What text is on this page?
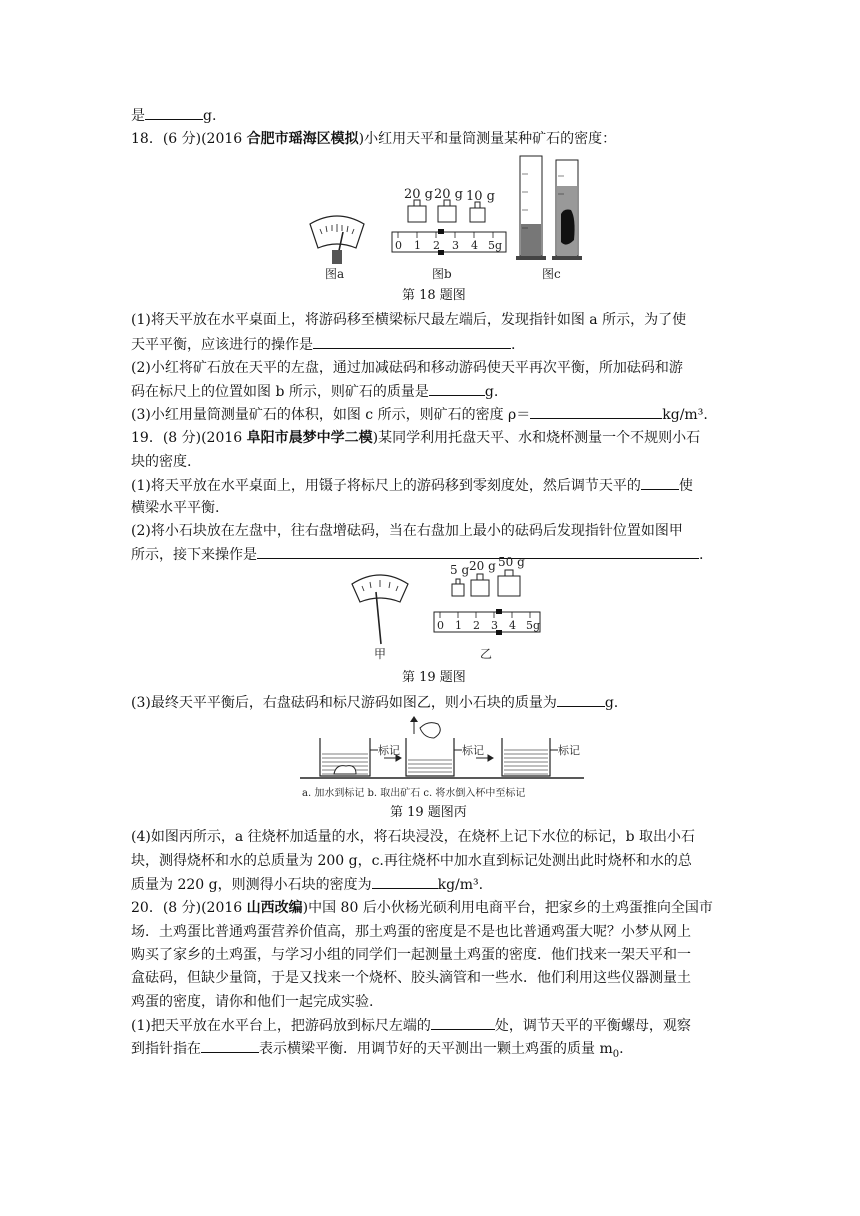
是	g.
18．(6 分)(2016 合肥市瑶海区模拟)小红用天平和量筒测量某种矿石的密度：
20 g 20 g 10 g
0 1 2 3 4 5g
图a	图b	图c
第 18 题图
(1)将天平放在水平桌面上，将游码移至横梁标尺最左端后，发现指针如图 a 所示，为了使
天平平衡，应该进行的操作是	.
(2)小红将矿石放在天平的左盘，通过加减砝码和移动游码使天平再次平衡，所加砝码和游
码在标尺上的位置如图 b 所示，则矿石的质量是	g.
(3)小红用量筒测量矿石的体积，如图 c 所示，则矿石的密度 ρ＝	kg/m³.
19．(8 分)(2016 阜阳市晨梦中学二模)某同学利用托盘天平、水和烧杯测量一个不规则小石
块的密度.
(1)将天平放在水平桌面上，用镊子将标尺上的游码移到零刻度处，然后调节天平的	使
横梁水平平衡.
(2)将小石块放在左盘中，往右盘增砝码，当在右盘加上最小的砝码后发现指针位置如图甲
所示，接下来操作是	.
5 g 20 g 50 g
0 1 2 3 4 5g
甲	乙
第 19 题图
(3)最终天平平衡后，右盘砝码和标尺游码如图乙，则小石块的质量为	g.
标记	标记	标记
a. 加水到标记 b. 取出矿石 c. 将水倒入杯中至标记
第 19 题图丙
(4)如图丙所示，a 往烧杯加适量的水，将石块浸没，在烧杯上记下水位的标记，b 取出小石
块，测得烧杯和水的总质量为 200 g，c.再往烧杯中加水直到标记处测出此时烧杯和水的总
质量为 220 g，则测得小石块的密度为	kg/m³.
20．(8 分)(2016 山西改编)中国 80 后小伙杨光硕利用电商平台，把家乡的土鸡蛋推向全国市
场．土鸡蛋比普通鸡蛋营养价值高，那土鸡蛋的密度是不是也比普通鸡蛋大呢？小梦从网上
购买了家乡的土鸡蛋，与学习小组的同学们一起测量土鸡蛋的密度．他们找来一架天平和一
盒砝码，但缺少量筒，于是又找来一个烧杯、胶头滴管和一些水．他们利用这些仪器测量土
鸡蛋的密度，请你和他们一起完成实验.
(1)把天平放在水平台上，把游码放到标尺左端的	处，调节天平的平衡螺母，观察
到指针指在	表示横梁平衡．用调节好的天平测出一颗土鸡蛋的质量 $m_0$.
